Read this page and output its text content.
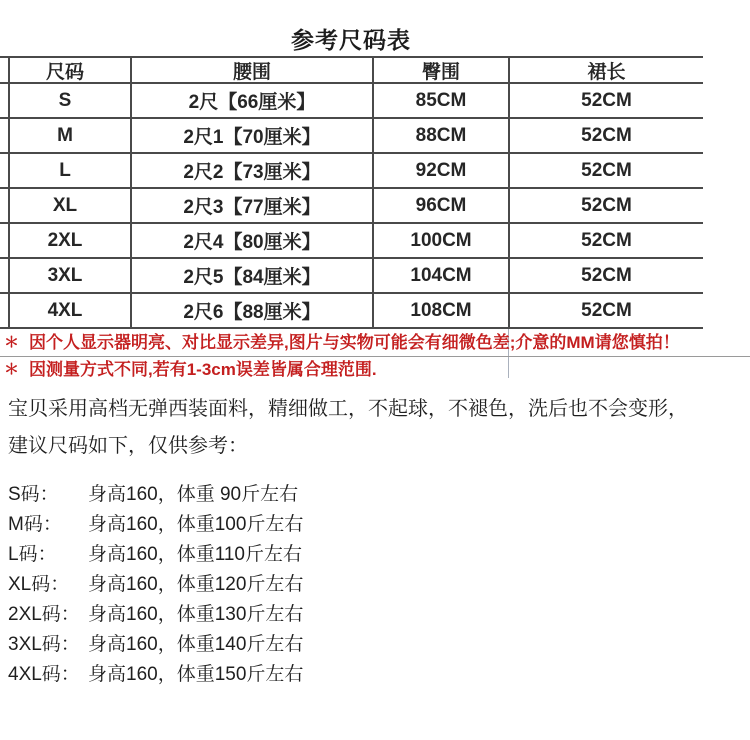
参考尺码表
尺码	腰围	臀围	裙长
S	2尺【66厘米】	85CM	52CM
M	2尺1【70厘米】	88CM	52CM
L	2尺2【73厘米】	92CM	52CM
XL	2尺3【77厘米】	96CM	52CM
2XL	2尺4【80厘米】	100CM	52CM
3XL	2尺5【84厘米】	104CM	52CM
4XL	2尺6【88厘米】	108CM	52CM
＊ 因个人显示器明亮、对比显示差异,图片与实物可能会有细微色差;介意的MM请您慎拍！
＊ 因测量方式不同,若有1-3cm误差皆属合理范围.
宝贝采用高档无弹西装面料，精细做工，不起球，不褪色，洗后也不会变形，
建议尺码如下，仅供参考：
S码： 身高160，体重 90斤左右
M码： 身高160，体重100斤左右
L码： 身高160，体重110斤左右
XL码： 身高160，体重120斤左右
2XL码： 身高160，体重130斤左右
3XL码： 身高160，体重140斤左右
4XL码： 身高160，体重150斤左右
